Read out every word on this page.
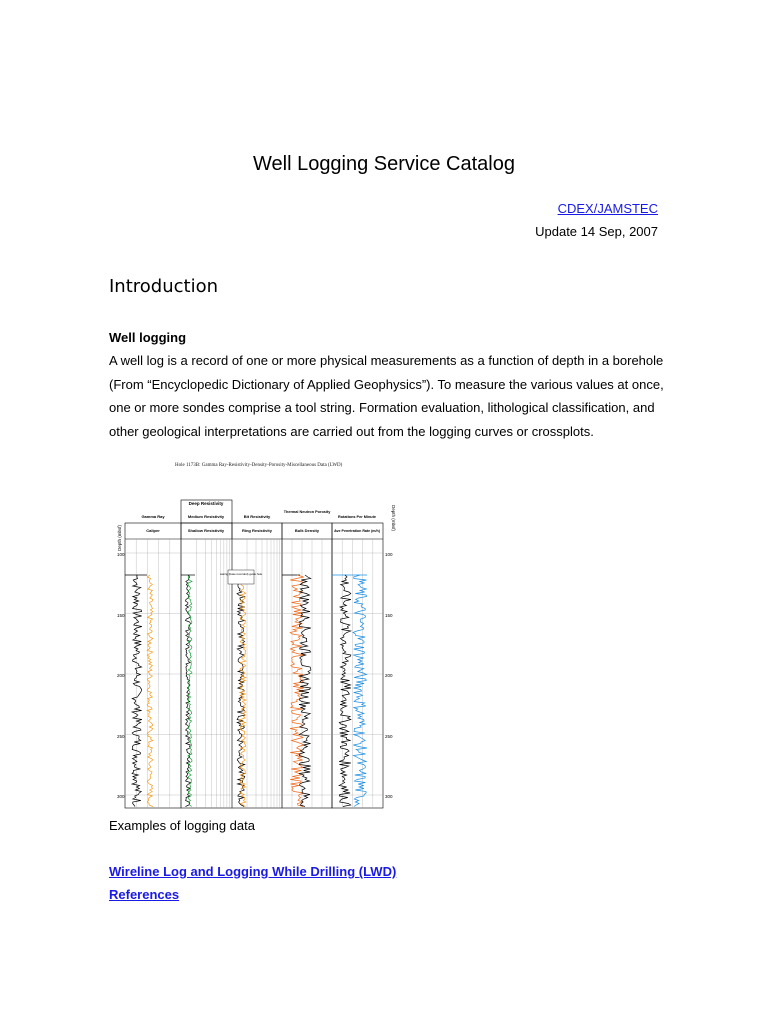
Well Logging Service Catalog
CDEX/JAMSTEC
Update 14 Sep, 2007
Introduction
Well logging
A well log is a record of one or more physical measurements as a function of depth in a borehole (From “Encyclopedic Dictionary of Applied Geophysics”). To measure the various values at once, one or more sondes comprise a tool string. Formation evaluation, lithological classification, and other geological interpretations are carried out from the logging curves or crossplots.
Hole 1173B: Gamma Ray-Resistivity-Density-Porosity-Miscellaneous Data (LWD)
Deep Resistivity
Gamma Ray	Medium Resistivity	Bit Resistivity
Thermal Neutron Porosity
Rotations Per Minute
Caliper	Shallow Resistivity	Ring Resistivity	Bulk Density	Ave Penetration Rate (m/h)
Depth (mbsf)
Depth (mbsf)
100
150
200
250
300
100
150
200
250
300
casing (base recorded) guide hole
Examples of logging data
Wireline Log and Logging While Drilling (LWD)
References
